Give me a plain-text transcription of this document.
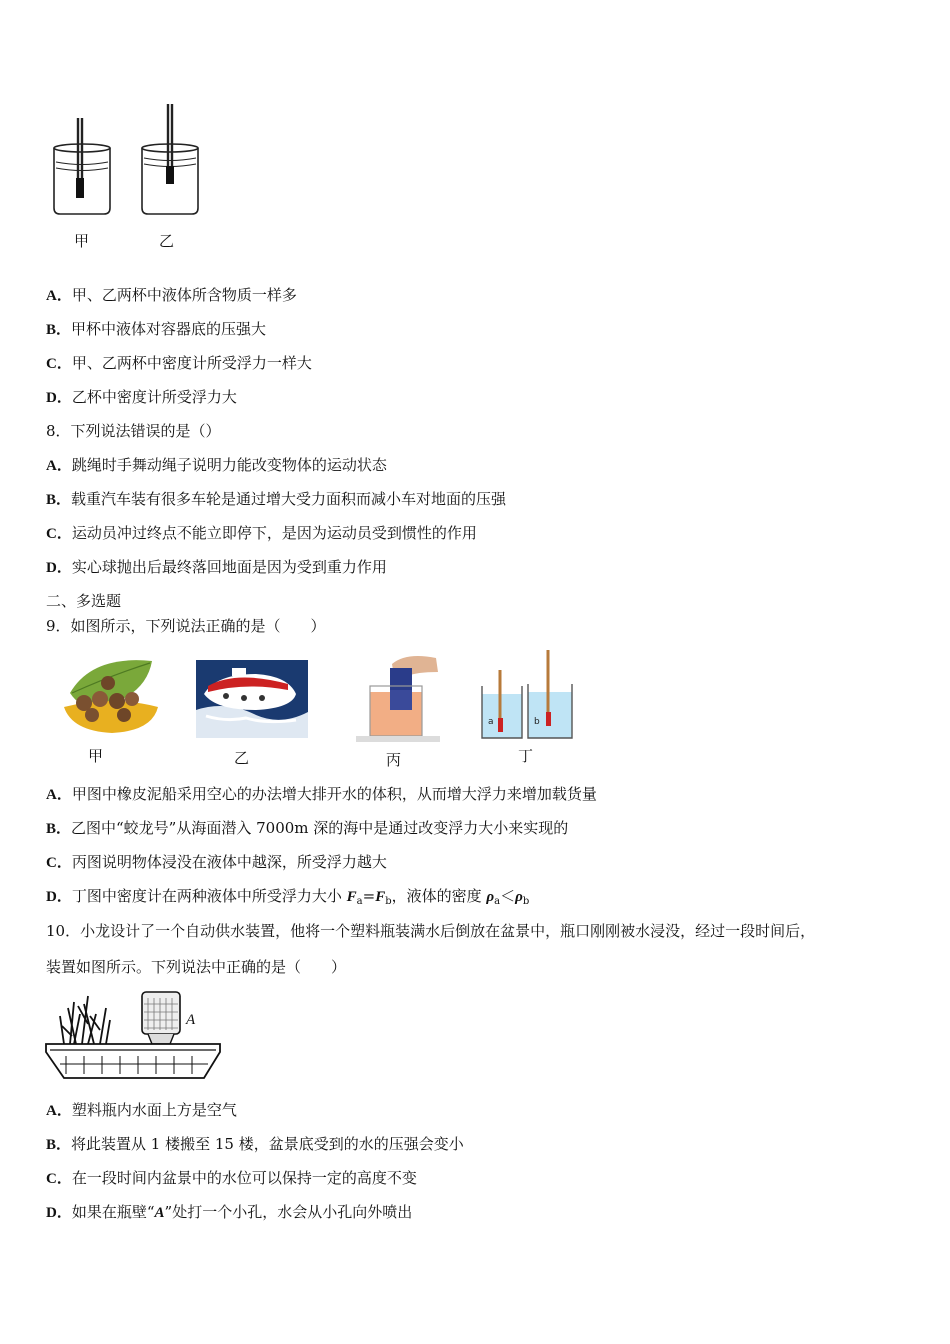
甲	乙
A．甲、乙两杯中液体所含物质一样多
B．甲杯中液体对容器底的压强大
C．甲、乙两杯中密度计所受浮力一样大
D．乙杯中密度计所受浮力大
8．下列说法错误的是（）
A．跳绳时手舞动绳子说明力能改变物体的运动状态
B．载重汽车装有很多车轮是通过增大受力面积而减小车对地面的压强
C．运动员冲过终点不能立即停下，是因为运动员受到惯性的作用
D．实心球抛出后最终落回地面是因为受到重力作用
二、多选题
9．如图所示，下列说法正确的是（　　）
甲	乙	丙
a	b
丁
A．甲图中橡皮泥船采用空心的办法增大排开水的体积，从而增大浮力来增加载货量
B．乙图中“蛟龙号”从海面潜入 7000m 深的海中是通过改变浮力大小来实现的
C．丙图说明物体浸没在液体中越深，所受浮力越大
D．丁图中密度计在两种液体中所受浮力大小 $F_a=F_b$，液体的密度 $\rho_a<\rho_b$
10．小龙设计了一个自动供水装置，他将一个塑料瓶装满水后倒放在盆景中，瓶口刚刚被水浸没，经过一段时间后，
装置如图所示。下列说法中正确的是（　　）
A
A．塑料瓶内水面上方是空气
B．将此装置从 1 楼搬至 15 楼，盆景底受到的水的压强会变小
C．在一段时间内盆景中的水位可以保持一定的高度不变
D．如果在瓶壁“A”处打一个小孔，水会从小孔向外喷出
